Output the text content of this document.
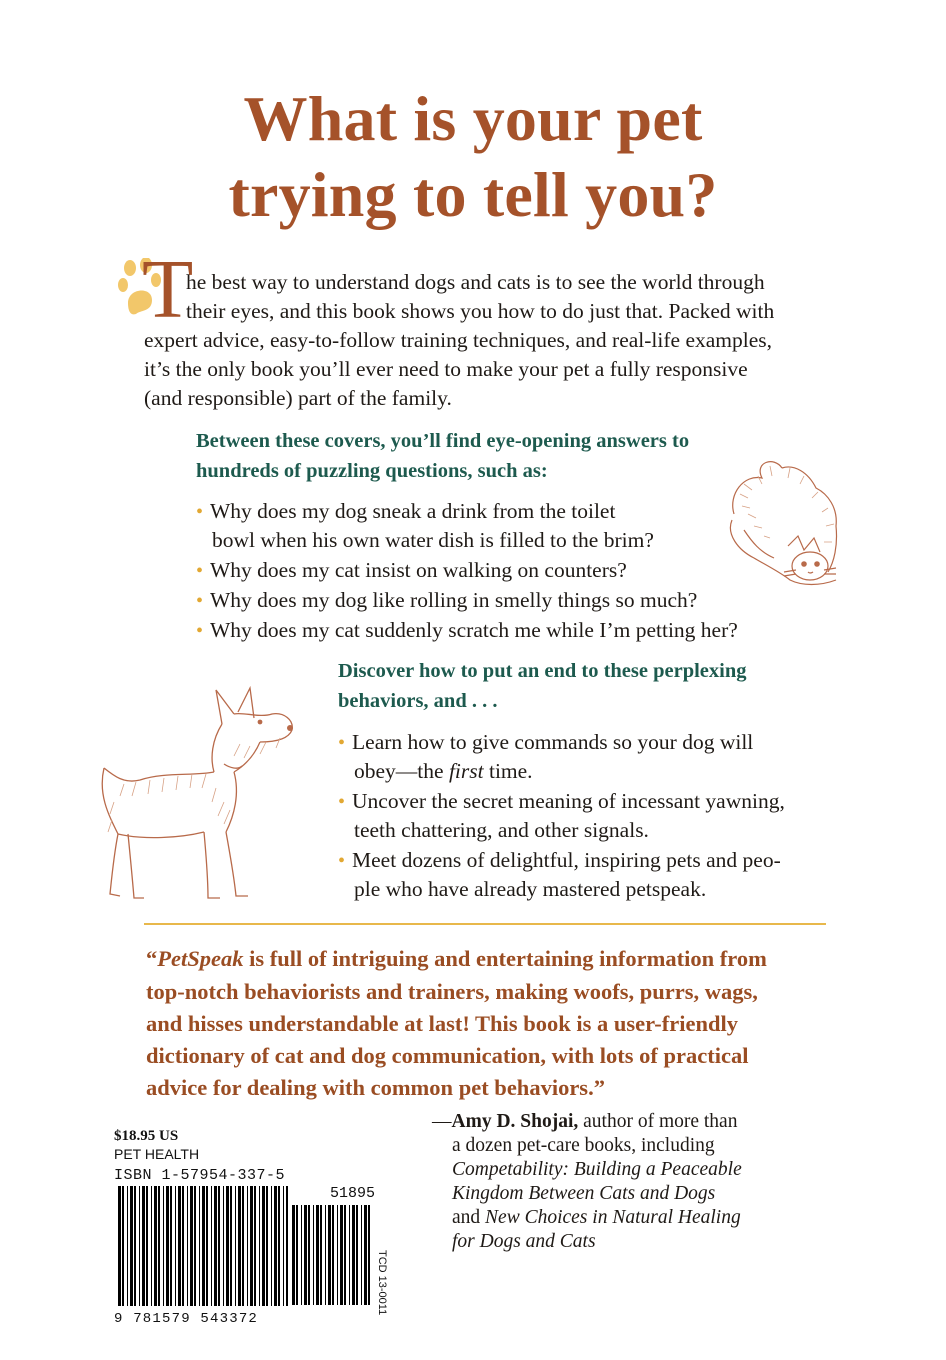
What is your pet
trying to tell you?
T
he best way to understand dogs and cats is to see the world through
their eyes, and this book shows you how to do just that. Packed with
expert advice, easy-to-follow training techniques, and real-life examples,
it’s the only book you’ll ever need to make your pet a fully responsive
(and responsible) part of the family.
Between these covers, you’ll find eye-opening answers to
hundreds of puzzling questions, such as:
• Why does my dog sneak a drink from the toilet
bowl when his own water dish is filled to the brim?
• Why does my cat insist on walking on counters?
• Why does my dog like rolling in smelly things so much?
• Why does my cat suddenly scratch me while I’m petting her?
Discover how to put an end to these perplexing
behaviors, and . . .
• Learn how to give commands so your dog will
obey—the first time.
• Uncover the secret meaning of incessant yawning,
teeth chattering, and other signals.
• Meet dozens of delightful, inspiring pets and peo-
ple who have already mastered petspeak.
“PetSpeak is full of intriguing and entertaining information from
top-notch behaviorists and trainers, making woofs, purrs, wags,
and hisses understandable at last! This book is a user-friendly
dictionary of cat and dog communication, with lots of practical
advice for dealing with common pet behaviors.”
—Amy D. Shojai, author of more than
a dozen pet-care books, including
Competability: Building a Peaceable
Kingdom Between Cats and Dogs
and New Choices in Natural Healing
for Dogs and Cats
$18.95 US
PET HEALTH
ISBN 1-57954-337-5
51895
9 781579 543372
TCD 13-0011
